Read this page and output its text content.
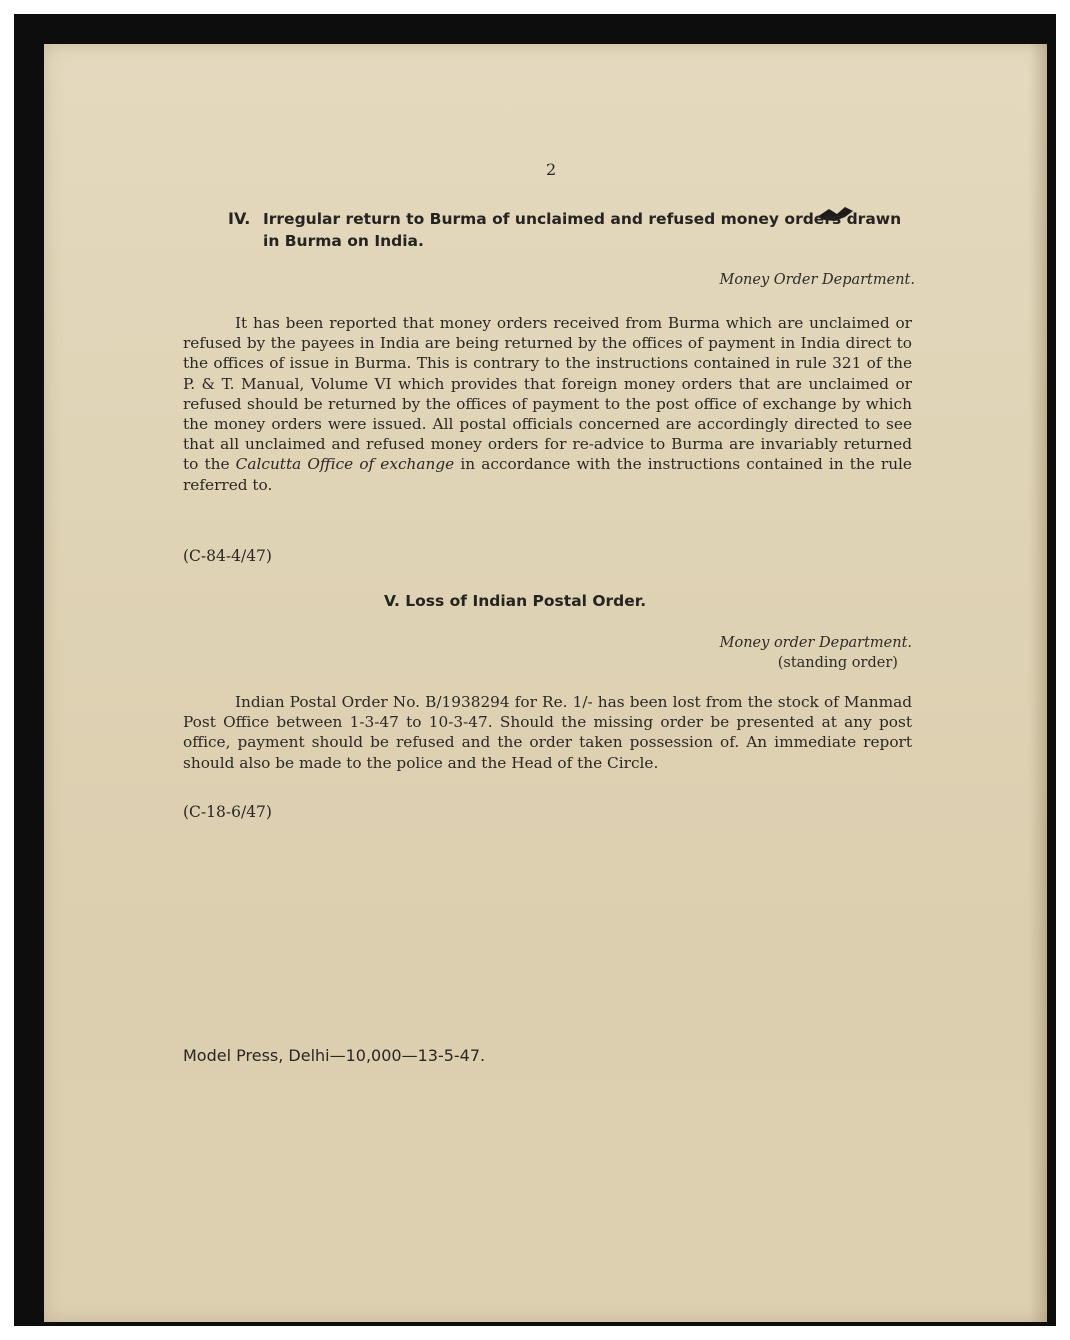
2
IV. Irregular return to Burma of unclaimed and refused money orders drawn in Burma on India.
Money Order Department.
It has been reported that money orders received from Burma which are unclaimed or refused by the payees in India are being returned by the offices of payment in India direct to the offices of issue in Burma. This is contrary to the instructions contained in rule 321 of the P. & T. Manual, Volume VI which provides that foreign money orders that are unclaimed or refused should be returned by the offices of payment to the post office of exchange by which the money orders were issued. All postal officials concerned are accordingly directed to see that all unclaimed and refused money orders for re-advice to Burma are invariably returned to the Calcutta Office of exchange in accordance with the instructions contained in the rule referred to.
(C-84-4/47)
V. Loss of Indian Postal Order.
Money order Department.
(standing order)
Indian Postal Order No. B/1938294 for Re. 1/- has been lost from the stock of Manmad Post Office between 1-3-47 to 10-3-47. Should the missing order be presented at any post office, payment should be refused and the order taken possession of. An immediate report should also be made to the police and the Head of the Circle.
(C-18-6/47)
Model Press, Delhi—10,000—13-5-47.
